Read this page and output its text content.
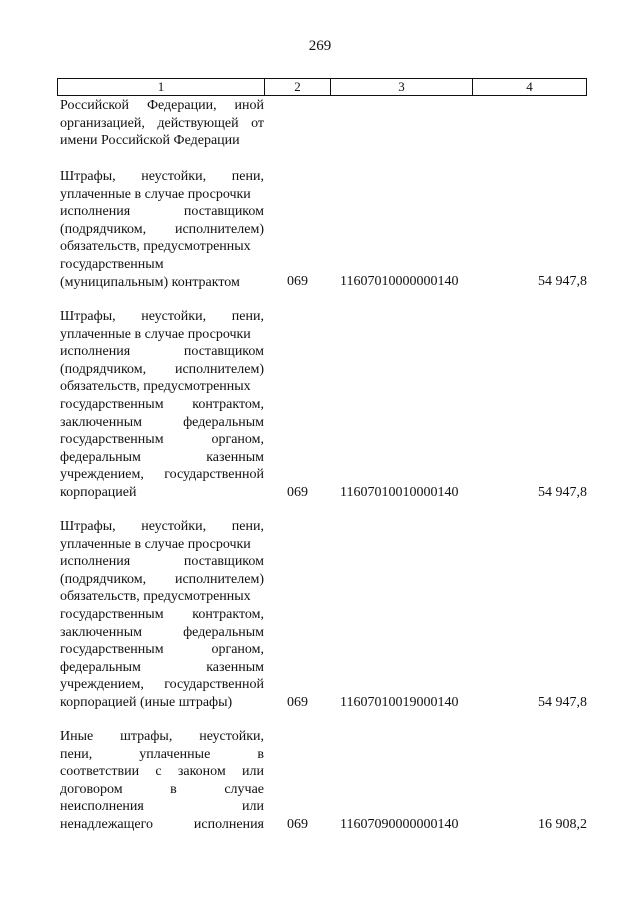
269
1	2	3	4
Российской Федерации, иной
организацией, действующей от
имени Российской Федерации
Штрафы, неустойки, пени,
уплаченные в случае просрочки
исполнения поставщиком
(подрядчиком, исполнителем)
обязательств, предусмотренных
государственным
(муниципальным) контрактом	069 11607010000000140	54 947,8
Штрафы, неустойки, пени,
уплаченные в случае просрочки
исполнения поставщиком
(подрядчиком, исполнителем)
обязательств, предусмотренных
государственным контрактом,
заключенным федеральным
государственным органом,
федеральным казенным
учреждением, государственной
корпорацией	069 11607010010000140	54 947,8
Штрафы, неустойки, пени,
уплаченные в случае просрочки
исполнения поставщиком
(подрядчиком, исполнителем)
обязательств, предусмотренных
государственным контрактом,
заключенным федеральным
государственным органом,
федеральным казенным
учреждением, государственной
корпорацией (иные штрафы)	069 11607010019000140	54 947,8
Иные штрафы, неустойки,
пени, уплаченные в
соответствии с законом или
договором в случае
неисполнения или
ненадлежащего исполнения 069 11607090000000140	16 908,2
